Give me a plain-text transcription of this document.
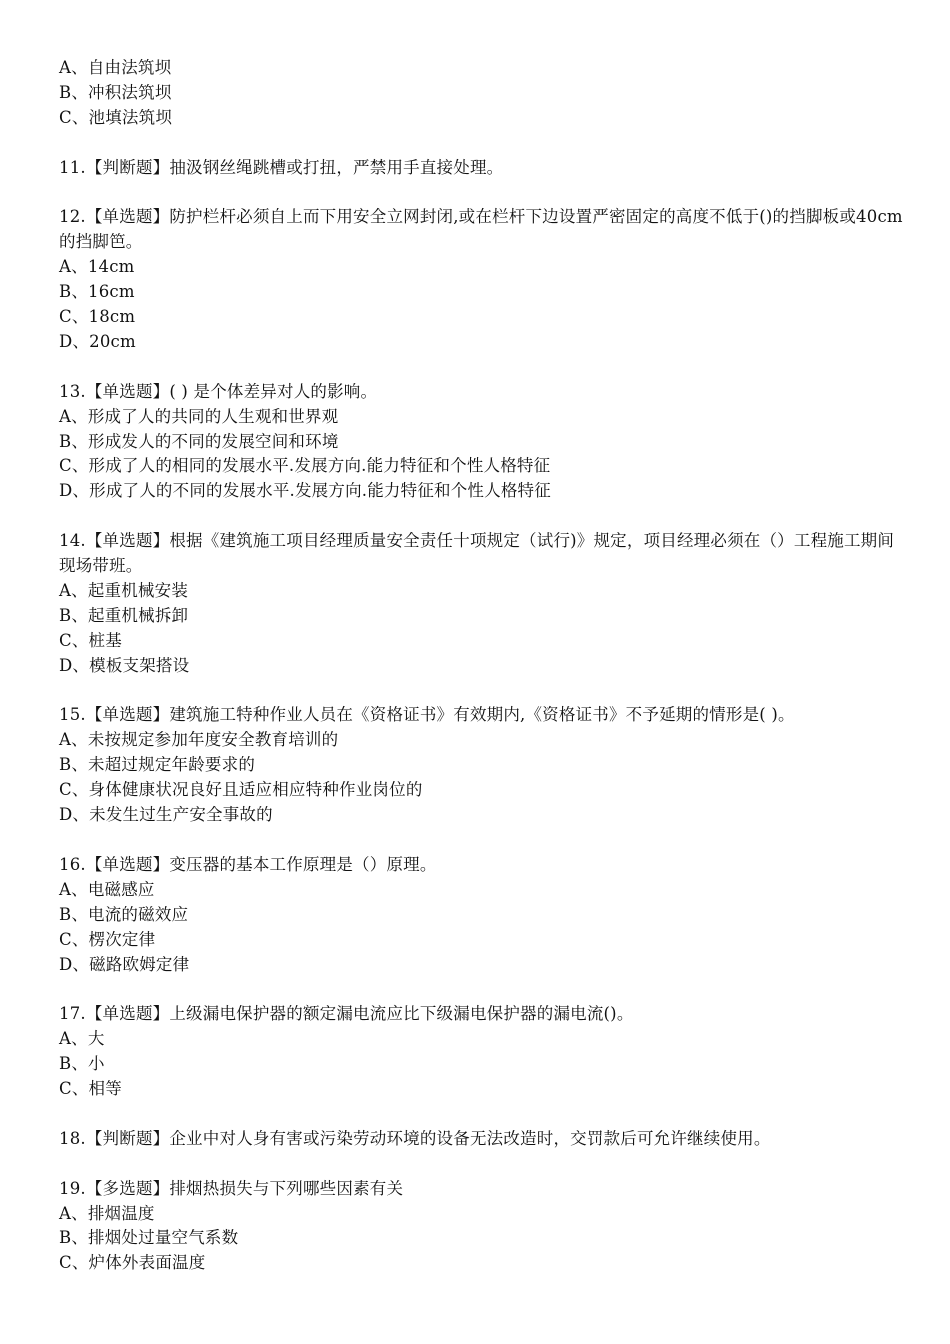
A、自由法筑坝
B、冲积法筑坝
C、池填法筑坝
11.【判断题】抽汲钢丝绳跳槽或打扭，严禁用手直接处理。
12.【单选题】防护栏杆必须自上而下用安全立网封闭,或在栏杆下边设置严密固定的高度不低于()的挡脚板或40cm的挡脚笆。
A、14cm
B、16cm
C、18cm
D、20cm
13.【单选题】( ) 是个体差异对人的影响。
A、形成了人的共同的人生观和世界观
B、形成发人的不同的发展空间和环境
C、形成了人的相同的发展水平.发展方向.能力特征和个性人格特征
D、形成了人的不同的发展水平.发展方向.能力特征和个性人格特征
14.【单选题】根据《建筑施工项目经理质量安全责任十项规定（试行)》规定，项目经理必须在（）工程施工期间现场带班。
A、起重机械安装
B、起重机械拆卸
C、桩基
D、模板支架搭设
15.【单选题】建筑施工特种作业人员在《资格证书》有效期内,《资格证书》不予延期的情形是( )。
A、未按规定参加年度安全教育培训的
B、未超过规定年龄要求的
C、身体健康状况良好且适应相应特种作业岗位的
D、未发生过生产安全事故的
16.【单选题】变压器的基本工作原理是（）原理。
A、电磁感应
B、电流的磁效应
C、楞次定律
D、磁路欧姆定律
17.【单选题】上级漏电保护器的额定漏电流应比下级漏电保护器的漏电流()。
A、大
B、小
C、相等
18.【判断题】企业中对人身有害或污染劳动环境的设备无法改造时，交罚款后可允许继续使用。
19.【多选题】排烟热损失与下列哪些因素有关
A、排烟温度
B、排烟处过量空气系数
C、炉体外表面温度
